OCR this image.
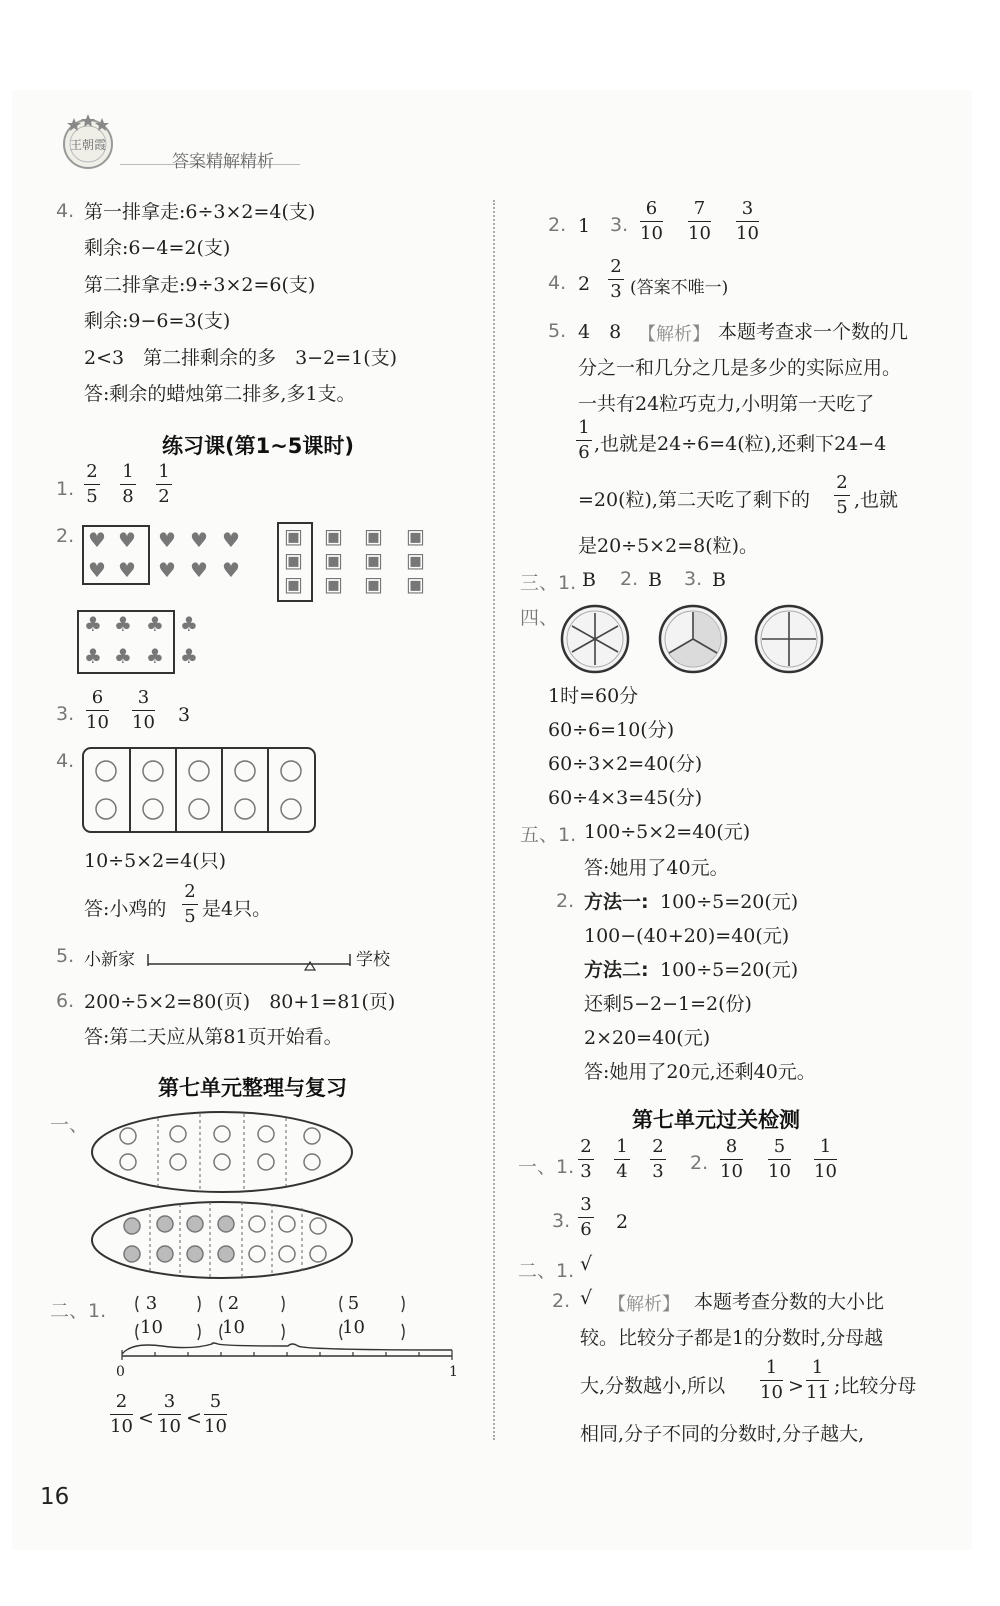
王朝霞
答案精解精析
4. 第一排拿走:6÷3×2=4(支)
剩余:6−4=2(支)
第二排拿走:9÷3×2=6(支)
剩余:9−6=3(支)
2<3　第二排剩余的多　3−2=1(支)
答:剩余的蜡烛第二排多,多1支。
练习课(第1~5课时)
1.
2
5
1
8
1
2
2. ♥ ♥ ♥ ♥ ♥
♥ ♥ ♥ ♥ ♥
▣
▣
▣
▣
▣
▣
▣
▣
▣
▣
▣
▣
♣ ♣ ♣ ♣
♣ ♣ ♣ ♣
3.
6
10
3
10 3
4.
10÷5×2=4(只)
答:小鸡的
2
5 是4只。
5. 小新家	学校
6. 200÷5×2=80(页)　80+1=81(页)
答:第二天应从第81页开始看。
第七单元整理与复习
一、
二、1. 3
10
2
10
5
10
0	1
2
10 <
3
10 <
5
10
16
2. 1 3.
6
10
7
10
3
10
4. 2
2
3 (答案不唯一)
5. 4　8 【解析】 本题考查求一个数的几
分之一和几分之几是多少的实际应用。
一共有24粒巧克力,小明第一天吃了
1
6 ,也就是24÷6=4(粒),还剩下24−4
=20(粒),第二天吃了剩下的
2
5 ,也就
是20÷5×2=8(粒)。
三、1. B 2. B 3. B
四、
1时=60分
60÷6=10(分)
60÷3×2=40(分)
60÷4×3=45(分)
五、1. 100÷5×2=40(元)
答:她用了40元。
2. 方法一: 100÷5=20(元)
100−(40+20)=40(元)
方法二: 100÷5=20(元)
还剩5−2−1=2(份)
2×20=40(元)
答:她用了20元,还剩40元。
第七单元过关检测
一、1.
2
3
1
4
2
3 2.
8
10
5
10
1
10
3.
3
6 2
二、1. √
2. √ 【解析】 本题考查分数的大小比
较。比较分子都是1的分数时,分母越
大,分数越小,所以
1
10 >
1
11 ;比较分母
相同,分子不同的分数时,分子越大,
